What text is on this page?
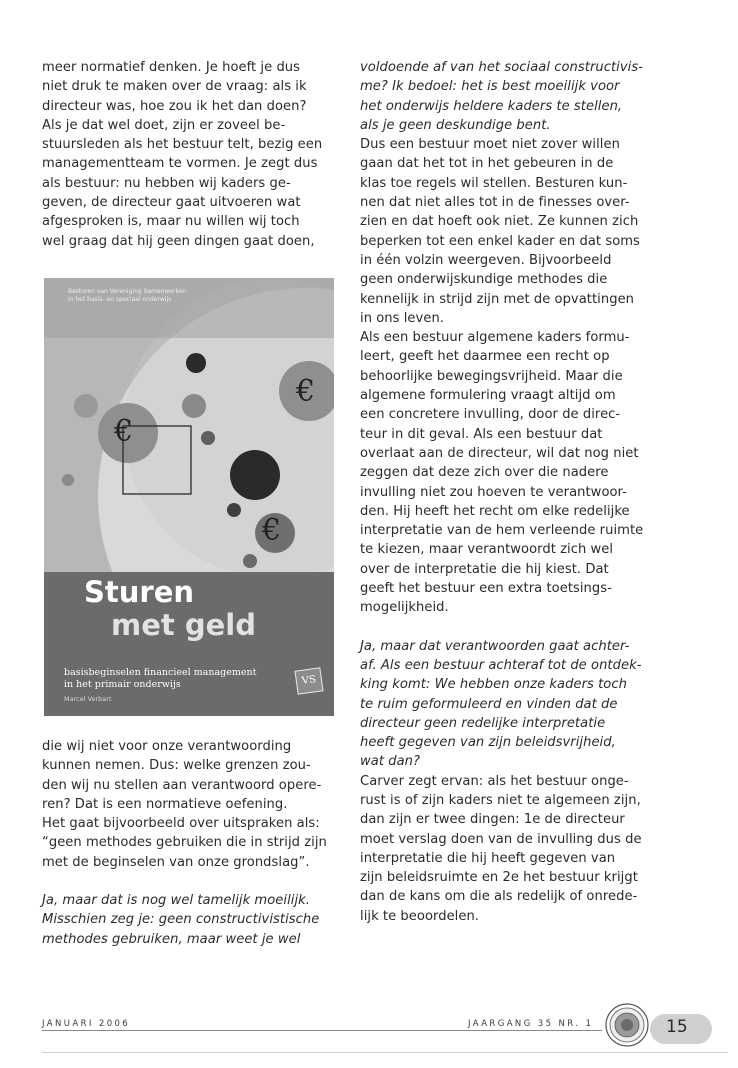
meer normatief denken. Je hoeft je dus

niet druk te maken over de vraag: als ik

directeur was, hoe zou ik het dan doen?

Als je dat wel doet, zijn er zoveel be-

stuursleden als het bestuur telt, bezig een

managementteam te vormen. Je zegt dus

als bestuur: nu hebben wij kaders ge-

geven, de directeur gaat uitvoeren wat

afgesproken is, maar nu willen wij toch

wel graag dat hij geen dingen gaat doen,

Besturen van Vereniging Samenwerken
in het basis- en speciaal onderwijs
€
€
€
Sturen
met geld
basisbeginselen financieel management
in het primair onderwijs
Marcel Verbart
VS

die wij niet voor onze verantwoording

kunnen nemen. Dus: welke grenzen zou-

den wij nu stellen aan verantwoord opere-

ren? Dat is een normatieve oefening.

Het gaat bijvoorbeeld over uitspraken als:

“geen methodes gebruiken die in strijd zijn

met de beginselen van onze grondslag”.

Ja, maar dat is nog wel tamelijk moeilijk.

Misschien zeg je: geen constructivistische

methodes gebruiken, maar weet je wel

voldoende af van het sociaal constructivis-

me? Ik bedoel: het is best moeilijk voor

het onderwijs heldere kaders te stellen,

als je geen deskundige bent.

Dus een bestuur moet niet zover willen

gaan dat het tot in het gebeuren in de

klas toe regels wil stellen. Besturen kun-

nen dat niet alles tot in de finesses over-

zien en dat hoeft ook niet. Ze kunnen zich

beperken tot een enkel kader en dat soms

in één volzin weergeven. Bijvoorbeeld

geen onderwijskundige methodes die

kennelijk in strijd zijn met de opvattingen

in ons leven.

Als een bestuur algemene kaders formu-

leert, geeft het daarmee een recht op

behoorlijke bewegingsvrijheid. Maar die

algemene formulering vraagt altijd om

een concretere invulling, door de direc-

teur in dit geval. Als een bestuur dat

overlaat aan de directeur, wil dat nog niet

zeggen dat deze zich over die nadere

invulling niet zou hoeven te verantwoor-

den. Hij heeft het recht om elke redelijke

interpretatie van de hem verleende ruimte

te kiezen, maar verantwoordt zich wel

over de interpretatie die hij kiest. Dat

geeft het bestuur een extra toetsings-

mogelijkheid.

Ja, maar dat verantwoorden gaat achter-

af. Als een bestuur achteraf tot de ontdek-

king komt: We hebben onze kaders toch

te ruim geformuleerd en vinden dat de

directeur geen redelijke interpretatie

heeft gegeven van zijn beleidsvrijheid,

wat dan?

Carver zegt ervan: als het bestuur onge-

rust is of zijn kaders niet te algemeen zijn,

dan zijn er twee dingen: 1e de directeur

moet verslag doen van de invulling dus de

interpretatie die hij heeft gegeven van

zijn beleidsruimte en 2e het bestuur krijgt

dan de kans om die als redelijk of onrede-

lijk te beoordelen.

JANUARI 2006	JAARGANG 35 NR. 1	15
